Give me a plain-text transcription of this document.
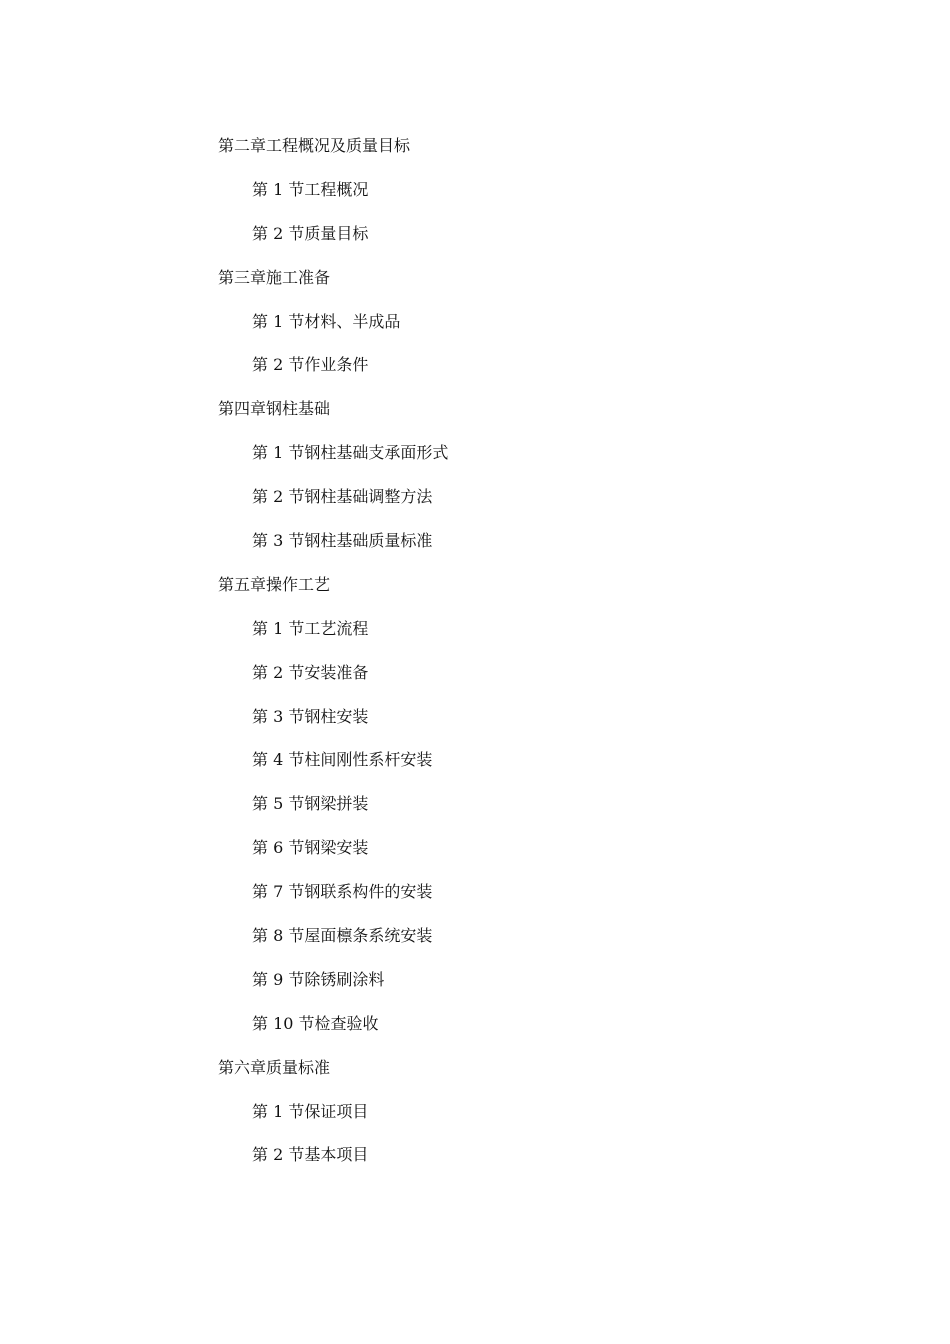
第二章工程概况及质量目标
第 1 节工程概况
第 2 节质量目标
第三章施工准备
第 1 节材料、半成品
第 2 节作业条件
第四章钢柱基础
第 1 节钢柱基础支承面形式
第 2 节钢柱基础调整方法
第 3 节钢柱基础质量标准
第五章操作工艺
第 1 节工艺流程
第 2 节安装准备
第 3 节钢柱安装
第 4 节柱间刚性系杆安装
第 5 节钢梁拼装
第 6 节钢梁安装
第 7 节钢联系构件的安装
第 8 节屋面檩条系统安装
第 9 节除锈刷涂料
第 10 节检查验收
第六章质量标准
第 1 节保证项目
第 2 节基本项目
